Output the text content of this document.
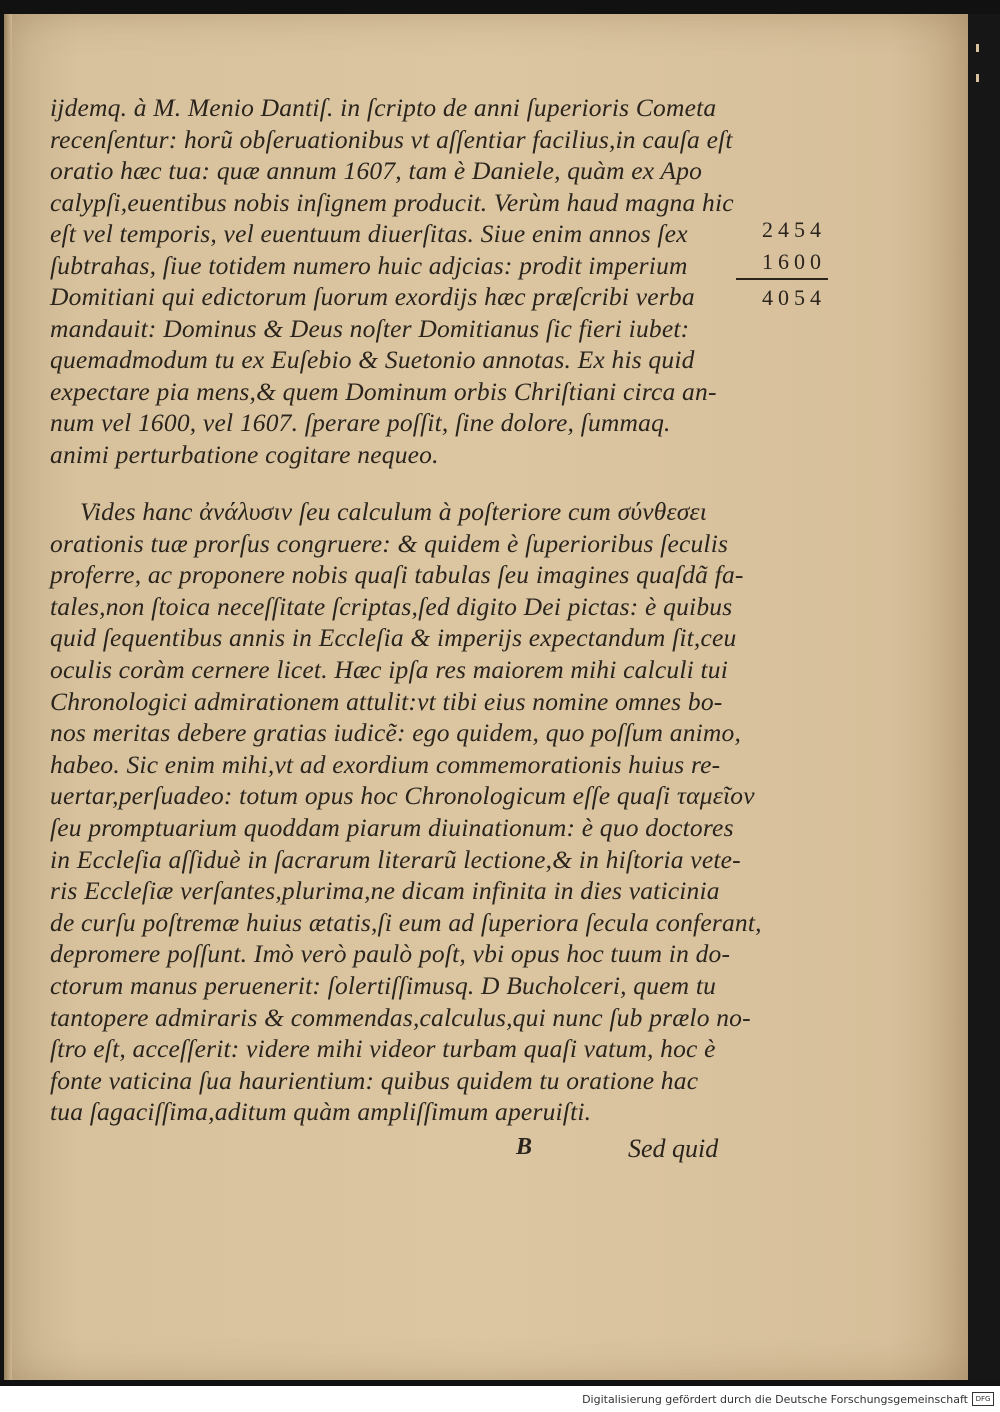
ijdemq. à M. Menio Dantiſ. in ſcripto de anni ſuperioris Cometa
recenſentur: horũ obſeruationibus vt aſſentiar facilius,in cauſa eſt
oratio hæc tua: quæ annum 1607, tam è Daniele, quàm ex Apo
calypſi,euentibus nobis inſignem producit. Verùm haud magna hic
eſt vel temporis, vel euentuum diuerſitas. Siue enim annos ſex
ſubtrahas, ſiue totidem numero huic adjcias: prodit imperium
Domitiani qui edictorum ſuorum exordijs hæc præſcribi verba
mandauit: Dominus & Deus noſter Domitianus ſic fieri iubet:
quemadmodum tu ex Euſebio & Suetonio annotas. Ex his quid
expectare pia mens,& quem Dominum orbis Chriſtiani circa an-
num vel 1600, vel 1607. ſperare poſſit, ſine dolore, ſummaq.
animi perturbatione cogitare nequeo.
2454
1600
4054
Vides hanc ἀνάλυσιν ſeu calculum à poſteriore cum σύνθεσει
orationis tuæ prorſus congruere: & quidem è ſuperioribus ſeculis
proferre, ac proponere nobis quaſi tabulas ſeu imagines quaſdã fa-
tales,non ſtoica neceſſitate ſcriptas,ſed digito Dei pictas: è quibus
quid ſequentibus annis in Eccleſia & imperijs expectandum ſit,ceu
oculis coràm cernere licet. Hæc ipſa res maiorem mihi calculi tui
Chronologici admirationem attulit:vt tibi eius nomine omnes bo-
nos meritas debere gratias iudicẽ: ego quidem, quo poſſum animo,
habeo. Sic enim mihi,vt ad exordium commemorationis huius re-
uertar,perſuadeo: totum opus hoc Chronologicum eſſe quaſi ταμεῖον
ſeu promptuarium quoddam piarum diuinationum: è quo doctores
in Eccleſia aſſiduè in ſacrarum literarũ lectione,& in hiſtoria vete-
ris Eccleſiæ verſantes,plurima,ne dicam infinita in dies vaticinia
de curſu poſtremæ huius ætatis,ſi eum ad ſuperiora ſecula conferant,
depromere poſſunt. Imò verò paulò poſt, vbi opus hoc tuum in do-
ctorum manus peruenerit: ſolertiſſimusq. D Bucholceri, quem tu
tantopere admiraris & commendas,calculus,qui nunc ſub prælo no-
ſtro eſt, acceſſerit: videre mihi videor turbam quaſi vatum, hoc è
fonte vaticina ſua haurientium: quibus quidem tu oratione hac
tua ſagaciſſima,aditum quàm ampliſſimum aperuiſti.
B	Sed quid
Digitalisierung gefördert durch die Deutsche Forschungsgemeinschaft	DFG
